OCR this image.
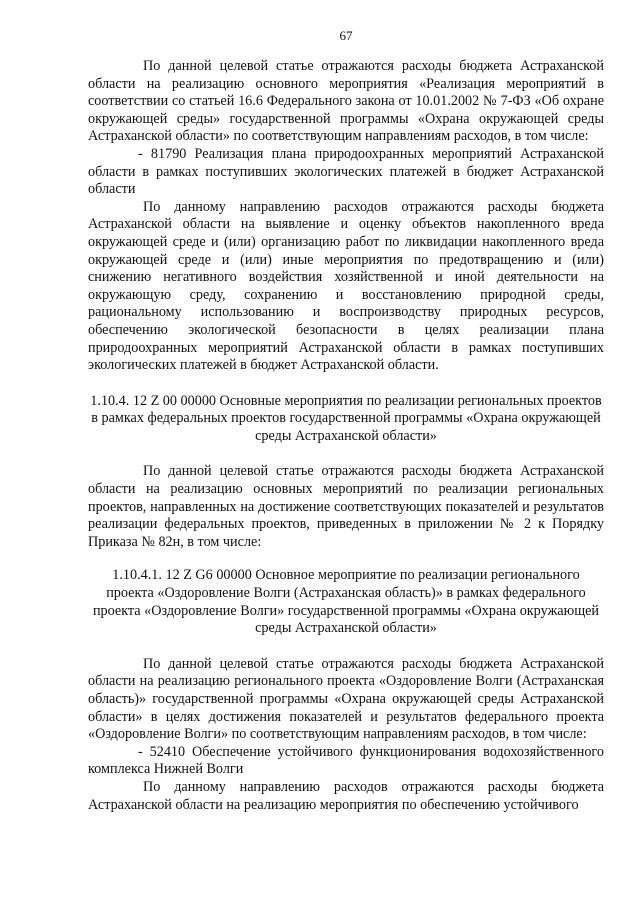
67

По данной целевой статье отражаются расходы бюджета Астраханской области на реализацию основного мероприятия «Реализация мероприятий в соответствии со статьей 16.6 Федерального закона от 10.01.2002 № 7-ФЗ «Об охране окружающей среды» государственной программы «Охрана окружающей среды Астраханской области» по соответствующим направлениям расходов, в том числе:

- 81790 Реализация плана природоохранных мероприятий Астраханской области в рамках поступивших экологических платежей в бюджет Астраханской области

По данному направлению расходов отражаются расходы бюджета Астраханской области на выявление и оценку объектов накопленного вреда окружающей среде и (или) организацию работ по ликвидации накопленного вреда окружающей среде и (или) иные мероприятия по предотвращению и (или) снижению негативного воздействия хозяйственной и иной деятельности на окружающую среду, сохранению и восстановлению природной среды, рациональному использованию и воспроизводству природных ресурсов, обеспечению экологической безопасности в целях реализации плана природоохранных мероприятий Астраханской области в рамках поступивших экологических платежей в бюджет Астраханской области.

1.10.4. 12 Z 00 00000 Основные мероприятия по реализации региональных проектов в рамках федеральных проектов государственной программы «Охрана окружающей среды Астраханской области»

По данной целевой статье отражаются расходы бюджета Астраханской области на реализацию основных мероприятий по реализации региональных проектов, направленных на достижение соответствующих показателей и результатов реализации федеральных проектов, приведенных в приложении № 2 к Порядку Приказа № 82н, в том числе:

1.10.4.1. 12 Z G6 00000 Основное мероприятие по реализации регионального проекта «Оздоровление Волги (Астраханская область)» в рамках федерального проекта «Оздоровление Волги» государственной программы «Охрана окружающей среды Астраханской области»

По данной целевой статье отражаются расходы бюджета Астраханской области на реализацию регионального проекта «Оздоровление Волги (Астраханская область)» государственной программы «Охрана окружающей среды Астраханской области» в целях достижения показателей и результатов федерального проекта «Оздоровление Волги» по соответствующим направлениям расходов, в том числе:

- 52410 Обеспечение устойчивого функционирования водохозяйственного комплекса Нижней Волги

По данному направлению расходов отражаются расходы бюджета Астраханской области на реализацию мероприятия по обеспечению устойчивого
